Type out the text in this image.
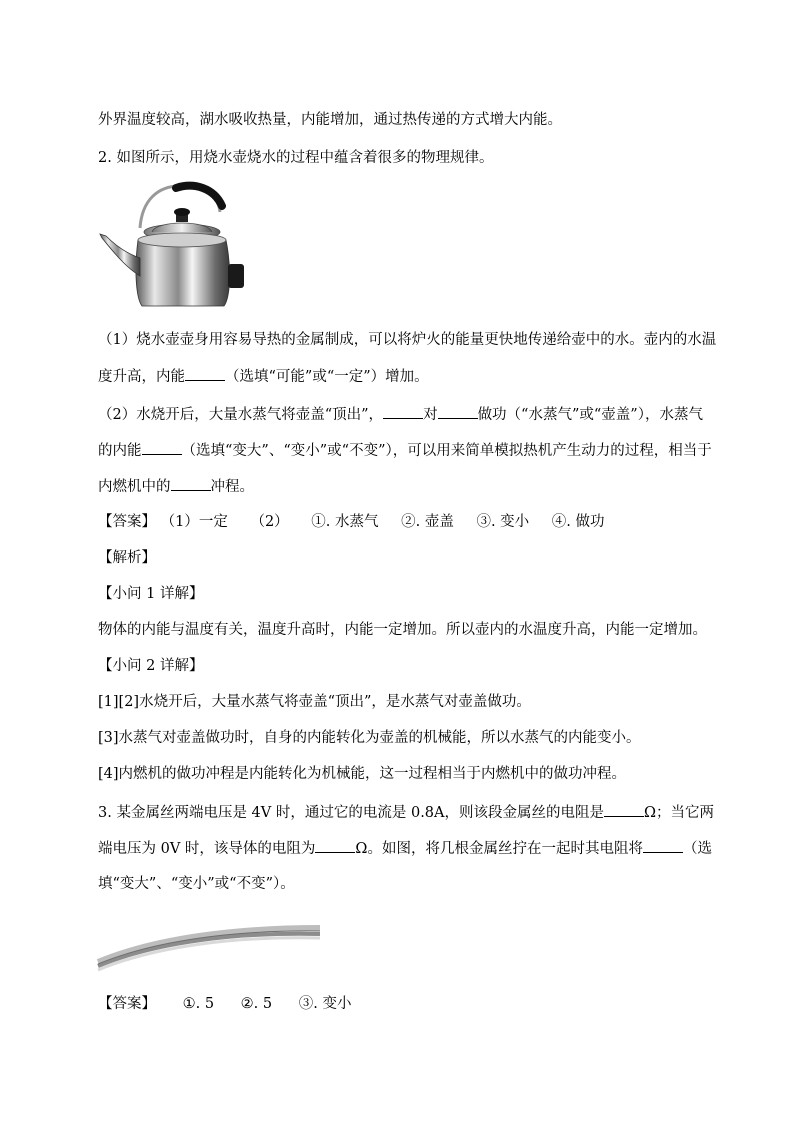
外界温度较高，湖水吸收热量，内能增加，通过热传递的方式增大内能。
2. 如图所示，用烧水壶烧水的过程中蕴含着很多的物理规律。
（1）烧水壶壶身用容易导热的金属制成，可以将炉火的能量更快地传递给壶中的水。壶内的水温
度升高，内能	（选填“可能”或“一定”）增加。
（2）水烧开后，大量水蒸气将壶盖“顶出”，	对	做功（“水蒸气”或“壶盖”），水蒸气
的内能	（选填“变大”、“变小”或“不变”），可以用来简单模拟热机产生动力的过程，相当于
内燃机中的	冲程。
【答案】 （1）一定 （2） ①. 水蒸气 ②. 壶盖 ③. 变小 ④. 做功
【解析】
【小问 1 详解】
物体的内能与温度有关，温度升高时，内能一定增加。所以壶内的水温度升高，内能一定增加。
【小问 2 详解】
[1][2]水烧开后，大量水蒸气将壶盖“顶出”，是水蒸气对壶盖做功。
[3]水蒸气对壶盖做功时，自身的内能转化为壶盖的机械能，所以水蒸气的内能变小。
[4]内燃机的做功冲程是内能转化为机械能，这一过程相当于内燃机中的做功冲程。
3. 某金属丝两端电压是 4V 时，通过它的电流是 0.8A，则该段金属丝的电阻是	Ω；当它两
端电压为 0V 时，该导体的电阻为	Ω。如图，将几根金属丝拧在一起时其电阻将	（选
填“变大”、“变小”或“不变”）。
【答案】 ①. 5 ②. 5 ③. 变小
